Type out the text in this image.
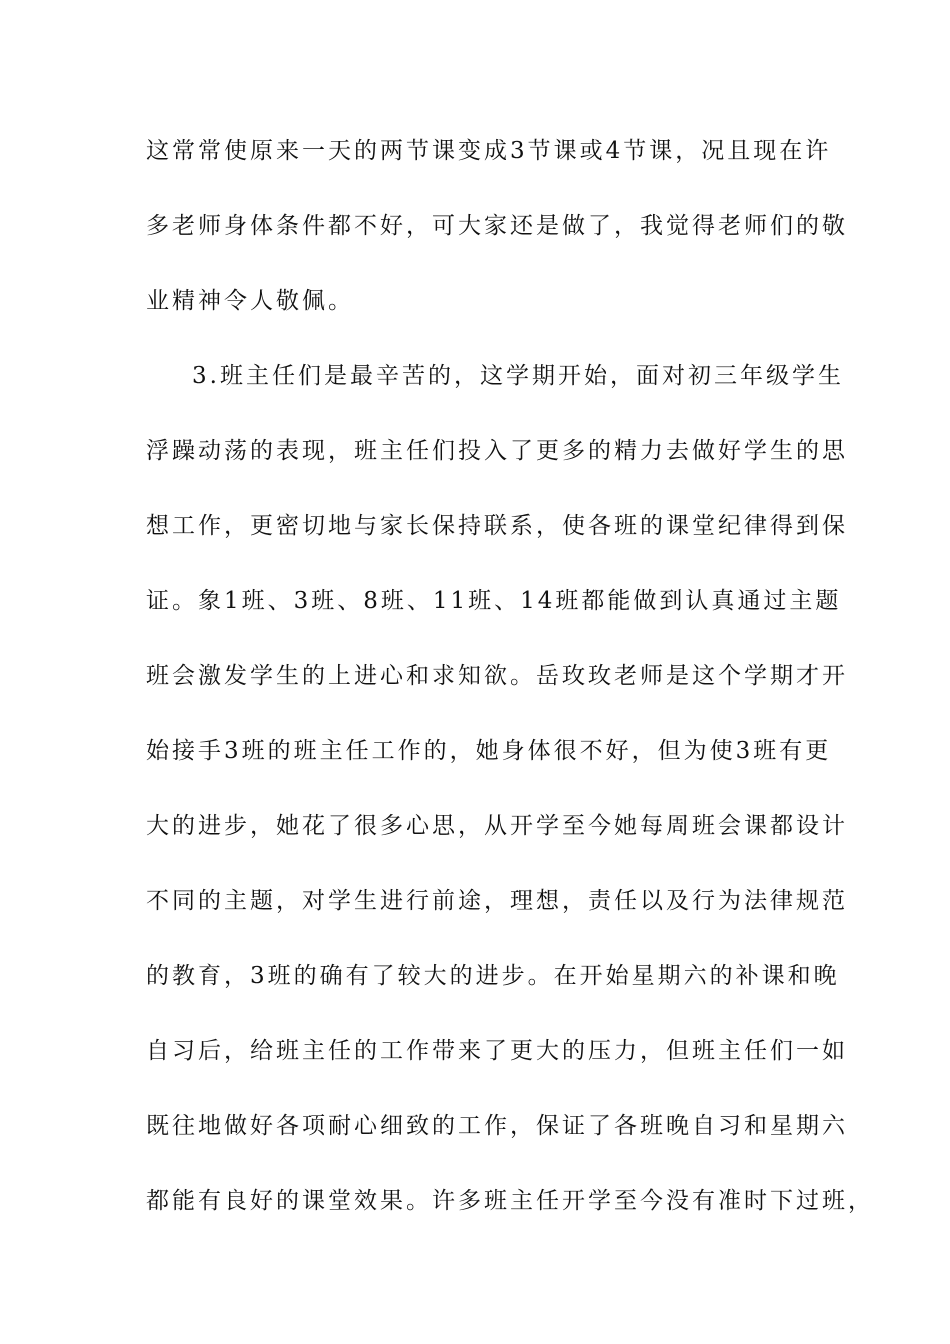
这常常使原来一天的两节课变成3节课或4节课，况且现在许
多老师身体条件都不好，可大家还是做了，我觉得老师们的敬
业精神令人敬佩。
3.班主任们是最辛苦的，这学期开始，面对初三年级学生
浮躁动荡的表现，班主任们投入了更多的精力去做好学生的思
想工作，更密切地与家长保持联系，使各班的课堂纪律得到保
证。象1班、3班、8班、11班、14班都能做到认真通过主题
班会激发学生的上进心和求知欲。岳玫玫老师是这个学期才开
始接手3班的班主任工作的，她身体很不好，但为使3班有更
大的进步，她花了很多心思，从开学至今她每周班会课都设计
不同的主题，对学生进行前途，理想，责任以及行为法律规范
的教育，3班的确有了较大的进步。在开始星期六的补课和晚
自习后，给班主任的工作带来了更大的压力，但班主任们一如
既往地做好各项耐心细致的工作，保证了各班晚自习和星期六
都能有良好的课堂效果。许多班主任开学至今没有准时下过班，
